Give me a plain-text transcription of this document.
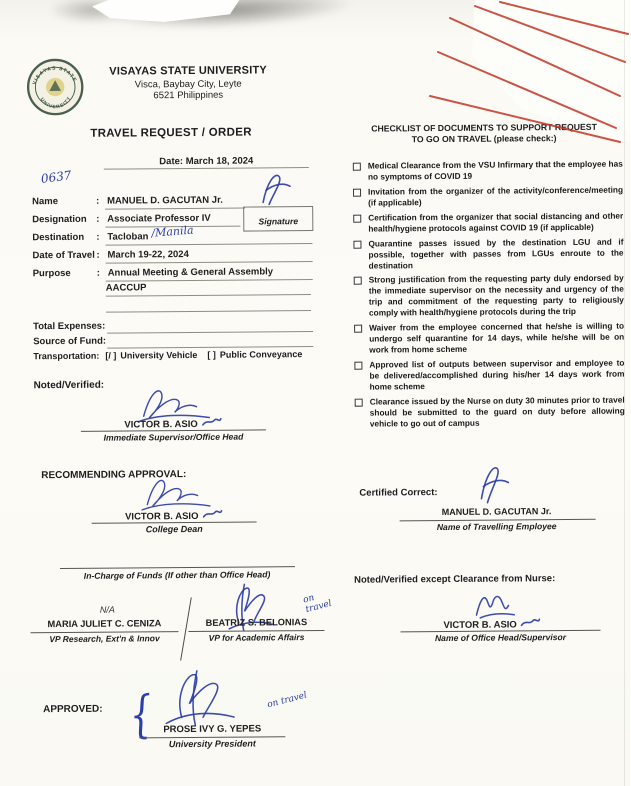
VISAYAS STATE
UNIVERSITY
VISAYAS STATE UNIVERSITY
Visca, Baybay City, Leyte
6521 Philippines
TRAVEL REQUEST / ORDER
Date: March 18, 2024
0637
Name	: MANUEL D. GACUTAN Jr.
Designation	: Associate Professor IV
Destination	: Tacloban /Manila
Date of Travel : March 19-22, 2024
Purpose	: Annual Meeting & General Assembly
AACCUP
Total Expenses:
Source of Fund:
Transportation: [/ ] University Vehicle [ ] Public Conveyance
Signature
Noted/Verified:
VICTOR B. ASIO
Immediate Supervisor/Office Head
RECOMMENDING APPROVAL:
VICTOR B. ASIO
College Dean
In-Charge of Funds (If other than Office Head)
N/A
MARIA JULIET C. CENIZA
VP Research, Ext'n & Innov
BEATRIZ S. BELONIAS
VP for Academic Affairs
on travel
APPROVED: { PROSE IVY G. YEPES
University President
on travel
CHECKLIST OF DOCUMENTS TO SUPPORT REQUEST
TO GO ON TRAVEL (please check:)
Medical Clearance from the VSU Infirmary that the employee has no symptoms of COVID 19
Invitation from the organizer of the activity/conference/meeting (if applicable)
Certification from the organizer that social distancing and other health/hygiene protocols against COVID 19 (if applicable)
Quarantine passes issued by the destination LGU and if possible, together with passes from LGUs enroute to the destination
Strong justification from the requesting party duly endorsed by the immediate supervisor on the necessity and urgency of the trip and commitment of the requesting party to religiously comply with health/hygiene protocols during the trip
Waiver from the employee concerned that he/she is willing to undergo self quarantine for 14 days, while he/she will be on work from home scheme
Approved list of outputs between supervisor and employee to be delivered/accomplished during his/her 14 days work from home scheme
Clearance issued by the Nurse on duty 30 minutes prior to travel should be submitted to the guard on duty before allowing vehicle to go out of campus
Certified Correct:
MANUEL D. GACUTAN Jr.
Name of Travelling Employee
Noted/Verified except Clearance from Nurse:
VICTOR B. ASIO
Name of Office Head/Supervisor
